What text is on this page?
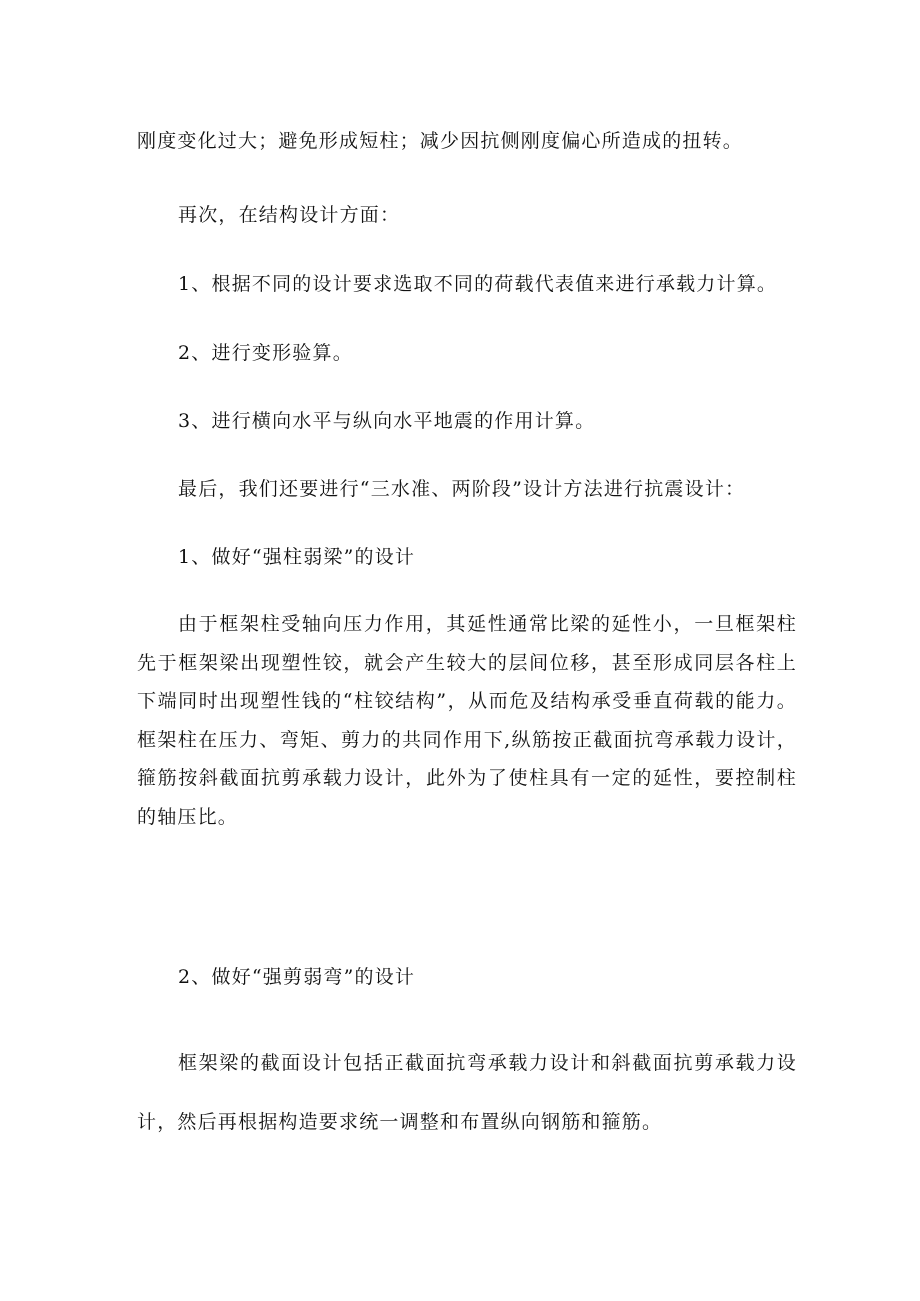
刚度变化过大；避免形成短柱；减少因抗侧刚度偏心所造成的扭转。
再次，在结构设计方面：
1、根据不同的设计要求选取不同的荷载代表值来进行承载力计算。
2、进行变形验算。
3、进行横向水平与纵向水平地震的作用计算。
最后，我们还要进行“三水准、两阶段”设计方法进行抗震设计：
1、做好“强柱弱梁”的设计
由于框架柱受轴向压力作用，其延性通常比梁的延性小，一旦框架柱先于框架梁出现塑性铰，就会产生较大的层间位移，甚至形成同层各柱上下端同时出现塑性钱的“柱铰结构”，从而危及结构承受垂直荷载的能力。框架柱在压力、弯矩、剪力的共同作用下,纵筋按正截面抗弯承载力设计，箍筋按斜截面抗剪承载力设计，此外为了使柱具有一定的延性，要控制柱的轴压比。
2、做好“强剪弱弯”的设计
框架梁的截面设计包括正截面抗弯承载力设计和斜截面抗剪承载力设计，然后再根据构造要求统一调整和布置纵向钢筋和箍筋。
